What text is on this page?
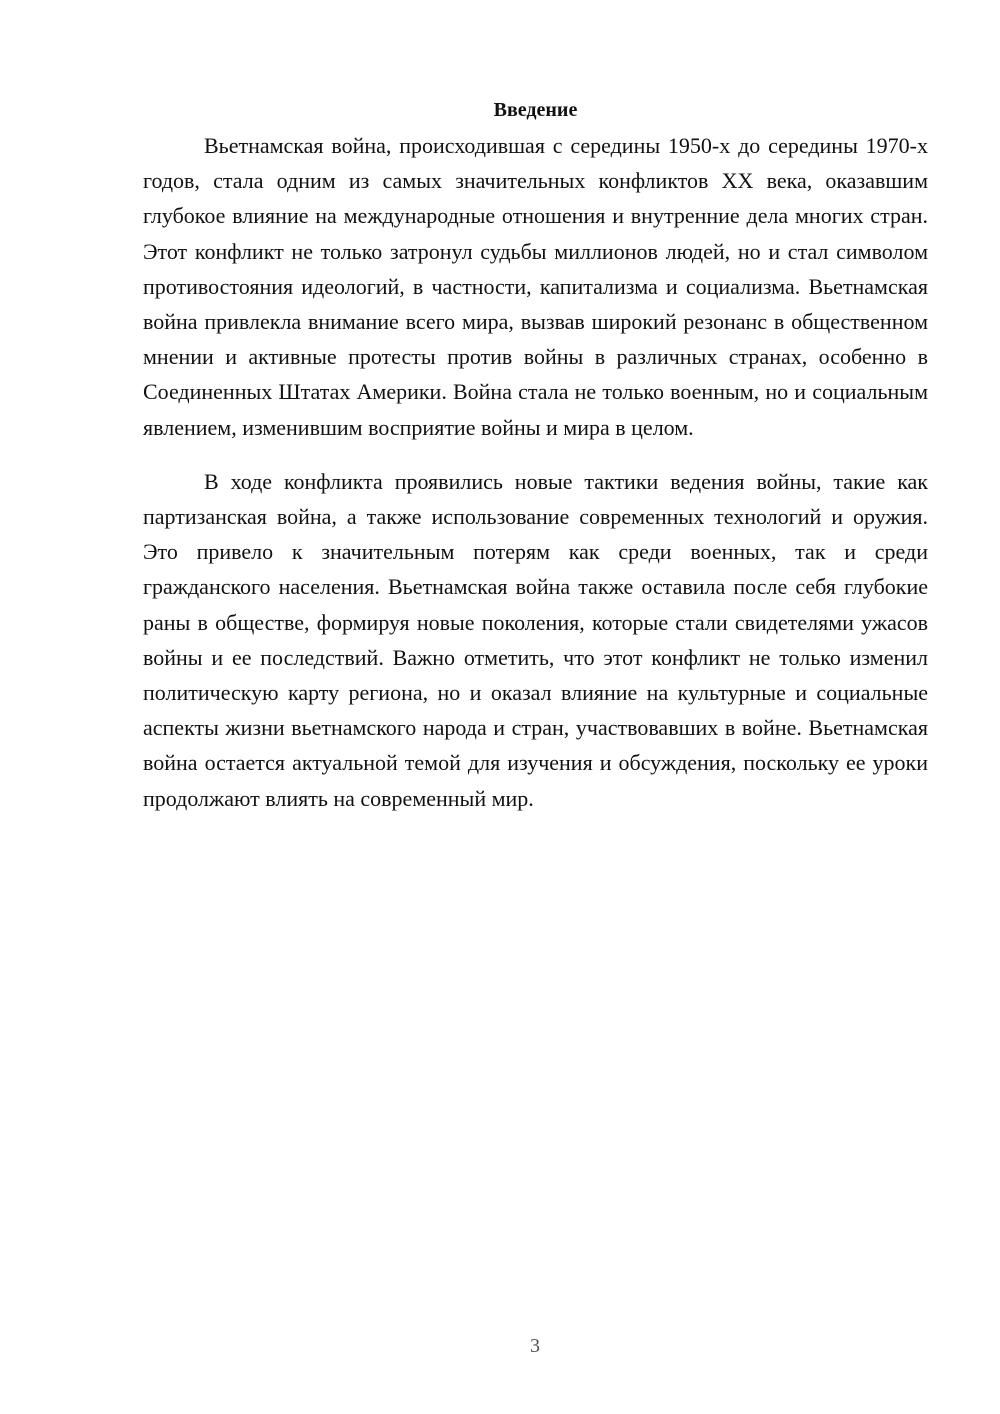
Введение

Вьетнамская война, происходившая с середины 1950-х до середины 1970-х годов, стала одним из самых значительных конфликтов XX века, оказавшим глубокое влияние на международные отношения и внутренние дела многих стран. Этот конфликт не только затронул судьбы миллионов людей, но и стал символом противостояния идеологий, в частности, капитализма и социализма. Вьетнамская война привлекла внимание всего мира, вызвав широкий резонанс в общественном мнении и активные протесты против войны в различных странах, особенно в Соединенных Штатах Америки. Война стала не только военным, но и социальным явлением, изменившим восприятие войны и мира в целом.

В ходе конфликта проявились новые тактики ведения войны, такие как партизанская война, а также использование современных технологий и оружия. Это привело к значительным потерям как среди военных, так и среди гражданского населения. Вьетнамская война также оставила после себя глубокие раны в обществе, формируя новые поколения, которые стали свидетелями ужасов войны и ее последствий. Важно отметить, что этот конфликт не только изменил политическую карту региона, но и оказал влияние на культурные и социальные аспекты жизни вьетнамского народа и стран, участвовавших в войне. Вьетнамская война остается актуальной темой для изучения и обсуждения, поскольку ее уроки продолжают влиять на современный мир.

3
